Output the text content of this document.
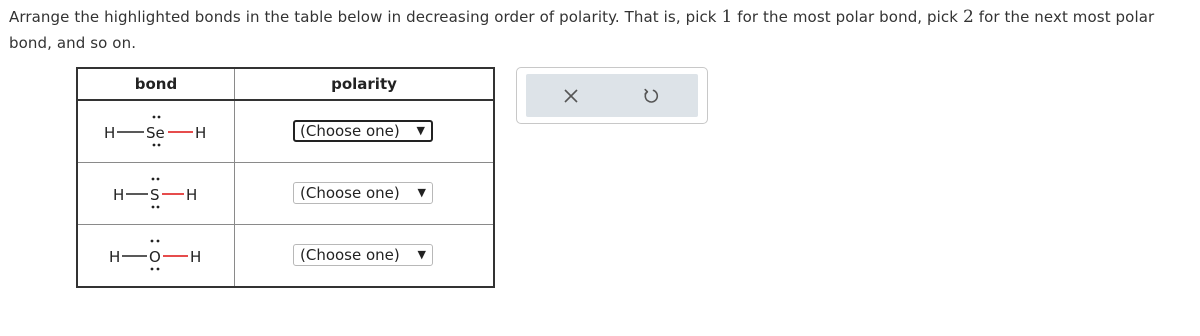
Arrange the highlighted bonds in the table below in decreasing order of polarity. That is, pick 1 for the most polar bond, pick 2 for the next most polar bond, and so on.
bond	polarity

H Se H	(Choose one) ▼

H S H	(Choose one) ▼

H O H	(Choose one) ▼
